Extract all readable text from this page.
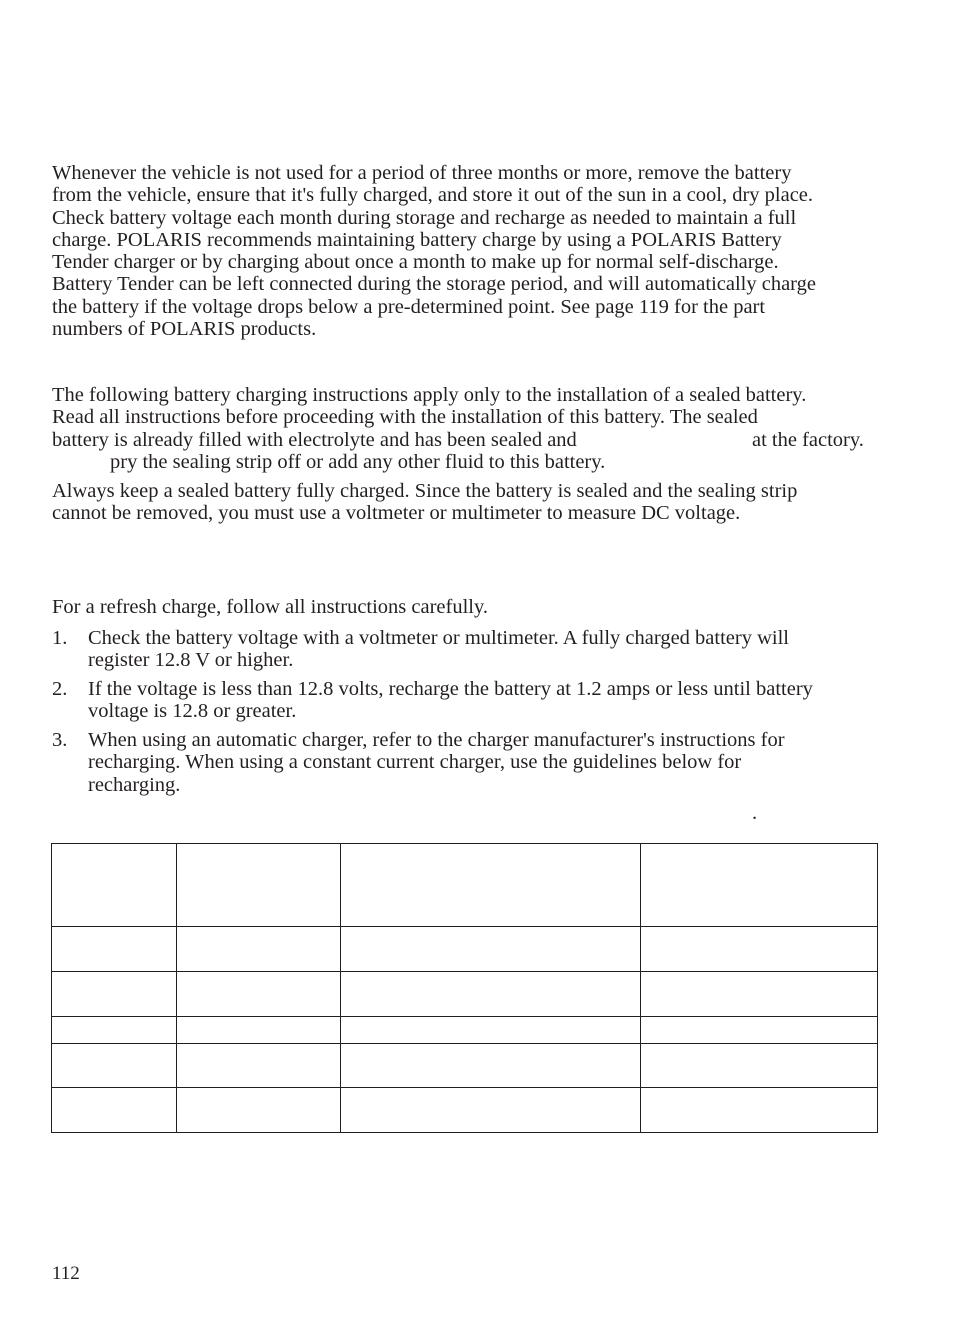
Whenever the vehicle is not used for a period of three months or more, remove the battery
from the vehicle, ensure that it's fully charged, and store it out of the sun in a cool, dry place.
Check battery voltage each month during storage and recharge as needed to maintain a full
charge. POLARIS recommends maintaining battery charge by using a POLARIS Battery
Tender charger or by charging about once a month to make up for normal self-discharge.
Battery Tender can be left connected during the storage period, and will automatically charge
the battery if the voltage drops below a pre-determined point. See page 119 for the part
numbers of POLARIS products.
The following battery charging instructions apply only to the installation of a sealed battery.
Read all instructions before proceeding with the installation of this battery. The sealed
battery is already filled with electrolyte and has been sealed and	at the factory.
pry the sealing strip off or add any other fluid to this battery.
Always keep a sealed battery fully charged. Since the battery is sealed and the sealing strip
cannot be removed, you must use a voltmeter or multimeter to measure DC voltage.
For a refresh charge, follow all instructions carefully.
1. Check the battery voltage with a voltmeter or multimeter. A fully charged battery will
register 12.8 V or higher.
2. If the voltage is less than 12.8 volts, recharge the battery at 1.2 amps or less until battery
voltage is 12.8 or greater.
3. When using an automatic charger, refer to the charger manufacturer's instructions for
recharging. When using a constant current charger, use the guidelines below for
recharging.
.

112
